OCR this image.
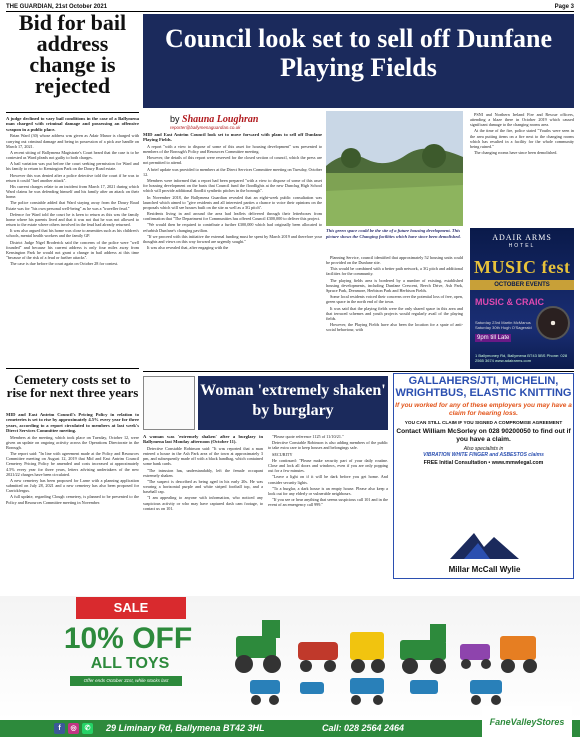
THE GUARDIAN, 21st October 2021	Page 3
Bid for bail address change is rejected

A judge declined to vary bail conditions in the case of a Ballymena man charged with criminal damage and possessing an offensive weapon in a public place.

Brian Ward (30) whose address was given as Adair Manor is charged with carrying out criminal damage and being in possession of a pick axe handle on March 17, 2021.

A recent sitting of Ballymena Magistrate's Court heard that the case is to be contested as Ward pleads not guilty to both charges.

A bail variation was put before the court seeking permission for Ward and his family to return to Kensington Park on the Doury Road estate.

However this was denied after a police detective told the court if he was to return it could "fuel another attack".

His current charges relate to an incident from March 17, 2021 during which Ward claims he was defending himself and his family after an attack on their home.

The police constable added that Ward staying away from the Doury Road Estate was for "his own personal well-being" as he was a "traveller feud."

Defence for Ward told the court he is keen to return as this was the family home where his parents lived and that it was not that he was not allowed to return to the estate where others involved in the feud had already returned.

It was also argued that his home was close to amenities such as his children's schools, mental health workers and the family GP.

District Judge Nigel Broderick said the concerns of the police were "well founded" and because his current address is only four miles away from Kensington Park he would not grant a change in bail address at this time "because of the risk of a feud or further attacks".

The case is due before the court again on October 28 for contest.

Council look set to sell off Dunfane Playing Fields
by Shauna Loughran
reporter@ballymenaguardian.co.uk

MID and East Antrim Council look set to move forward with plans to sell off Dunfane Playing Fields.

A report "with a view to dispose of some of this asset for housing development" was presented to members of the Borough's Policy and Resources Committee meeting.

However, the details of this report were reserved for the closed section of council, which the press are not permitted to attend.

A brief update was provided to members at the Direct Services Committee meeting on Tuesday, October 12.

Members were informed that a report had been prepared "with a view to dispose of some of this asset for housing development on the basis that Council fund the floodlights at the new Dunclug High School which will provide additional floodlit synthetic pitches in the borough".

In November 2018, the Ballymena Guardian revealed that an eight-week public consultation was launched which aimed to "give residents and all interested parties a chance to voice their opinions on the proposals which will see houses built on the site as well as a 3G pitch".

Residents living in and around the area had leaflets delivered through their letterboxes from confirmation that "The Department for Communities has offered Council £300,000 to deliver this project.

"We would then be required to contribute a further £300,000 which had originally been allocated to refurbish Dunfane's changing pavilion.

"If we proceed with this initiative the external funding must be spent by March 2019 and therefore your thoughts and views on this way forward are urgently sought."

It was also revealed that, after engaging with the

This green space could be the site of a future housing development. This picture shows the Changing facilities which have since been demolished.

Planning Service, council identified that approximately 52 housing units could be provided on the Dunfane site.

This would be combined with a better path network, a 3G pitch and additional facilities for the community.

The playing fields area is bordered by a number of existing, established housing developments, including Dunfane Crescent, Beech Drive, Ash Park, Spruce Park, Dreamore, Herbison Park and Herbison Fields.

Some local residents voiced their concerns over the potential loss of free, open, green space in the north end of the town.

It was said that the playing fields were the only shared space in this area and that terraced schemes and youth projects would regularly avail of the playing fields.

However, the Playing Fields have also been the location for a spate of anti-social behaviour, with

PSNI and Northern Ireland Fire and Rescue officers, attending a blaze there in October 2019 which caused significant damage to the changing rooms area.

At the time of the fire, police stated "Youths were seen in the area putting items on a fire next to the changing rooms which has resulted in a facility for the whole community being ruined."

The changing rooms have since been demolished.

ADAIR ARMS
HOTEL
MUSIC fest
OCTOBER EVENTS
MUSIC & CRAIC
Saturday 23rd Martin McManus Saturday 30th Hugh O'Sagerald
9pm till Late
1 Ballymoney Rd, Ballymena BT43 5BS Phone: 028 2565 3674 www.adairarms.com
Cemetery costs set to rise for next three years

MID and East Antrim Council's Pricing Policy in relation to cemeteries is set to rise by approximately 4.5% every year for three years, according to a report circulated to members at last week's Direct Services Committee meeting.

Members at the meeting, which took place on Tuesday, October 12, were given an update on ongoing activity across the Operations Directorate in the Borough.

The report said: "In line with agreement made at the Policy and Resources Committee meeting on August 12, 2019 that Mid and East Antrim Council Cemetery Pricing Policy be amended and costs increased at approximately 4.5% every year for three years, letters advising undertakers of the new 2021/22 charges have been circulated.

A new cemetery has been proposed for Larne with a planning application submitted on July 28, 2021 and a new cemetery has also been proposed for Carrickfergus.

A full update, regarding Clough cemetery, is planned to be presented to the Policy and Resources Committee meeting in November.

Woman 'extremely shaken' by burglary

A woman was 'extremely shaken' after a burglary in Ballymena last Monday afternoon (October 11).

Detective Constable Robinson said: "It was reported that a man entered a house in the Ash Park area of the town at approximately 3 pm, and subsequently made off with a black handbag, which contained some bank cards.

"The intrusion has, understandably, left the female occupant extremely shaken.

"The suspect is described as being aged in his early 20s. He was wearing a horizontal purple and white striped football top, and a baseball cap.

"I am appealing to anyone with information, who noticed any suspicious activity or who may have captured dash cam footage, to contact us on 101.

"Please quote reference 1125 of 11/10/21."

Detective Constable Robinson is also adding members of the public to take extra care to keep houses and belongings safe.

SECURITY

He continued: "Please make security part of your daily routine. Close and lock all doors and windows, even if you are only popping out for a few minutes.

"Leave a light on if it will be dark before you get home. And consider security lights.

"To a burglar, a dark house is an empty house. Please also keep a look out for any elderly or vulnerable neighbours.

"If you see or hear anything that seems suspicious call 101 and in the event of an emergency call 999."

GALLAHERS/JTI, MICHELIN, WRIGHTBUS, ELASTIC KNITTING
If you worked for any of these employers you may have a claim for hearing loss.
YOU CAN STILL CLAIM IF YOU SIGNED A COMPROMISE AGREEMENT
Contact William McSorley on 028 90200050 to find out if you have a claim.
Also specialists in
VIBRATION WHITE FINGER and ASBESTOS claims
FREE Initial Consultation • www.mmwlegal.com
Millar McCall Wylie
SALE
10% OFF
ALL TOYS
Offer ends October 31st, while stocks last
f	◎	✆ 29 Liminary Rd, Ballymena BT42 3HL	Call: 028 2564 2464
FaneValleyStores
